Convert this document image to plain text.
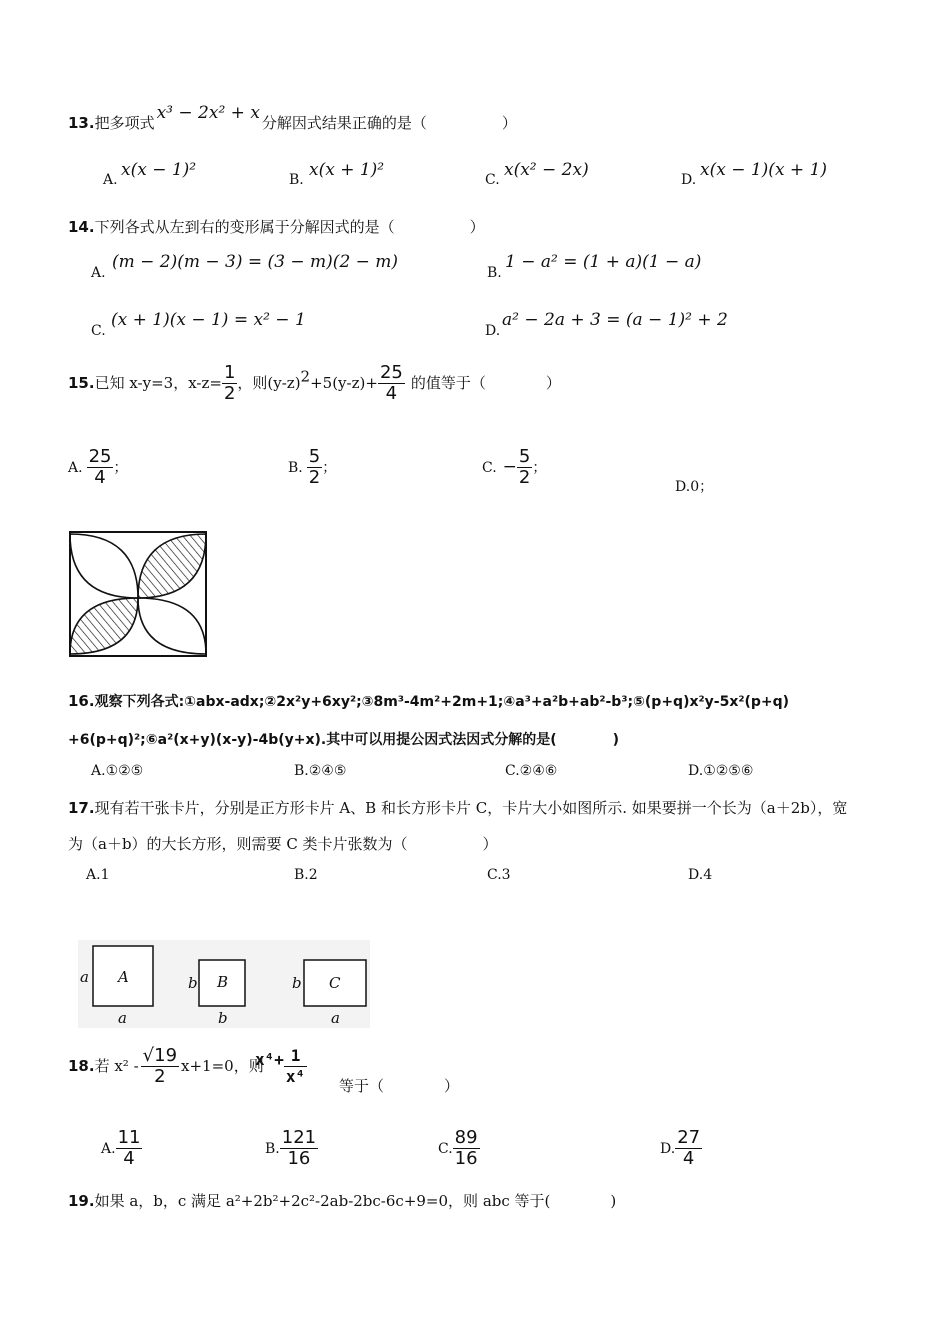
13.把多项式 x³ − 2x² + x 分解因式结果正确的是（　　　　　）
A. x(x − 1)²	B. x(x + 1)²	C. x(x² − 2x)	D. x(x − 1)(x + 1)
14.下列各式从左到右的变形属于分解因式的是（　　　　　）
A.
(m − 2)(m − 3) = (3 − m)(2 − m)
B.
1 − a² = (1 + a)(1 − a)
C.
(x + 1)(x − 1) = x² − 1
D.
a² − 2a + 3 = (a − 1)² + 2
15.已知 x-y=3，$x-z= \frac{1}{2}$ ，则$(y-z)^2+5(y-z)+ \frac{25}{4}$ 的值等于（　　　　）
A. $\frac{25}{4}$ ；	B. $\frac{5}{2}$ ；	C. − $\frac{5}{2}$ ；
D.0；
16.观察下列各式:①abx-adx;②2x²y+6xy²;③8m³-4m²+2m+1;④a³+a²b+ab²-b³;⑤(p+q)x²y-5x²(p+q)
+6(p+q)²;⑥a²(x+y)(x-y)-4b(y+x).其中可以用提公因式法因式分解的是(　　　　)
A.①②⑤	B.②④⑤	C.②④⑥	D.①②⑤⑥
17.现有若干张卡片，分别是正方形卡片 A、B 和长方形卡片 C，卡片大小如图所示. 如果要拼一个长为（a＋2b），宽
为（a＋b）的大长方形，则需要 C 类卡片张数为（　　　　　）
A.1	B.2	C.3	D.4
A
a
a
B
b
b
C
b
a
18.若 $x^2 - \frac{√19}{2} x+1=0$，则
$x^4+ \frac{1}{\text{x⁴}}$ 等于（　　　　）
A. $\frac{11}{4}$	B. $\frac{121}{16}$	C. $\frac{89}{16}$	D. $\frac{27}{4}$
19.如果 a，b，c 满足 a²+2b²+2c²-2ab-2bc-6c+9=0，则 abc 等于(　　　　)
